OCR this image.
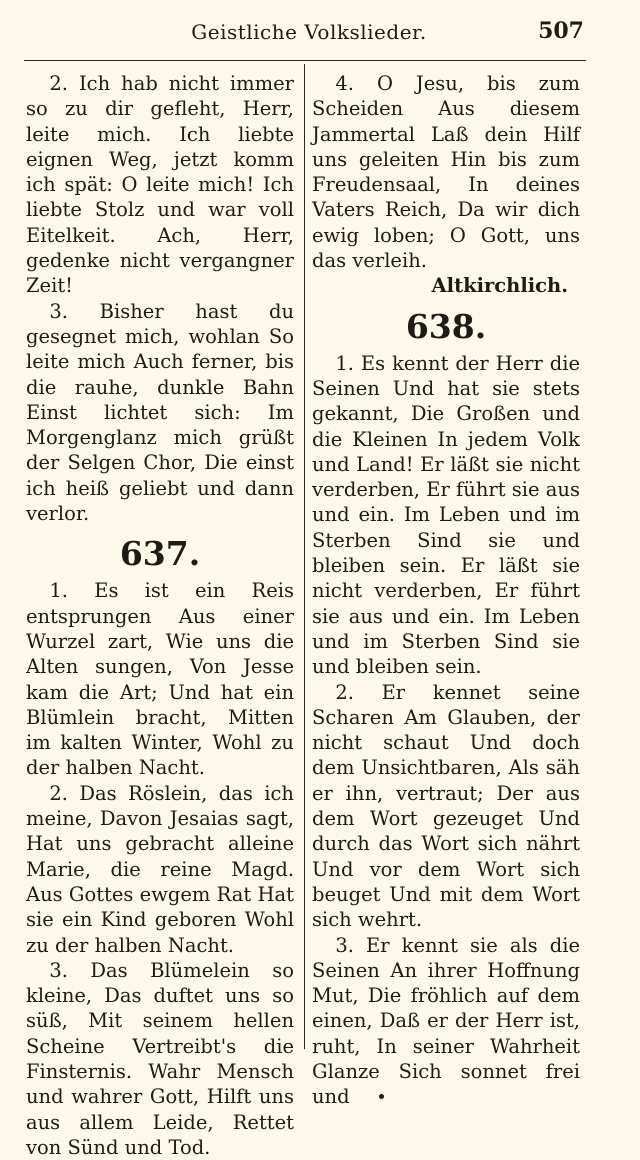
Geistliche Volkslieder.	507

2. Ich hab nicht immer so zu dir gefleht, Herr, leite mich. Ich liebte eignen Weg, jetzt komm ich spät: O leite mich! Ich liebte Stolz und war voll Eitelkeit. Ach, Herr, gedenke nicht vergangner Zeit!

3. Bisher hast du gesegnet mich, wohlan So leite mich Auch ferner, bis die rauhe, dunkle Bahn Einst lichtet sich: Im Morgenglanz mich grüßt der Selgen Chor, Die einst ich heiß geliebt und dann verlor.

637.

1. Es ist ein Reis entsprungen Aus einer Wurzel zart, Wie uns die Alten sungen, Von Jesse kam die Art; Und hat ein Blümlein bracht, Mitten im kalten Winter, Wohl zu der halben Nacht.

2. Das Röslein, das ich meine, Davon Jesaias sagt, Hat uns gebracht alleine Marie, die reine Magd. Aus Gottes ewgem Rat Hat sie ein Kind geboren Wohl zu der halben Nacht.

3. Das Blümelein so kleine, Das duftet uns so süß, Mit seinem hellen Scheine Vertreibt's die Finsternis. Wahr Mensch und wahrer Gott, Hilft uns aus allem Leide, Rettet von Sünd und Tod.

4. O Jesu, bis zum Scheiden Aus diesem Jammertal Laß dein Hilf uns geleiten Hin bis zum Freudensaal, In deines Vaters Reich, Da wir dich ewig loben; O Gott, uns das verleih.

Altkirchlich.

638.

1. Es kennt der Herr die Seinen Und hat sie stets gekannt, Die Großen und die Kleinen In jedem Volk und Land! Er läßt sie nicht verderben, Er führt sie aus und ein. Im Leben und im Sterben Sind sie und bleiben sein. Er läßt sie nicht verderben, Er führt sie aus und ein. Im Leben und im Sterben Sind sie und bleiben sein.

2. Er kennet seine Scharen Am Glauben, der nicht schaut Und doch dem Unsichtbaren, Als säh er ihn, vertraut; Der aus dem Wort gezeuget Und durch das Wort sich nährt Und vor dem Wort sich beuget Und mit dem Wort sich wehrt.

3. Er kennt sie als die Seinen An ihrer Hoffnung Mut, Die fröhlich auf dem einen, Daß er der Herr ist, ruht, In seiner Wahrheit Glanze Sich sonnet frei und
